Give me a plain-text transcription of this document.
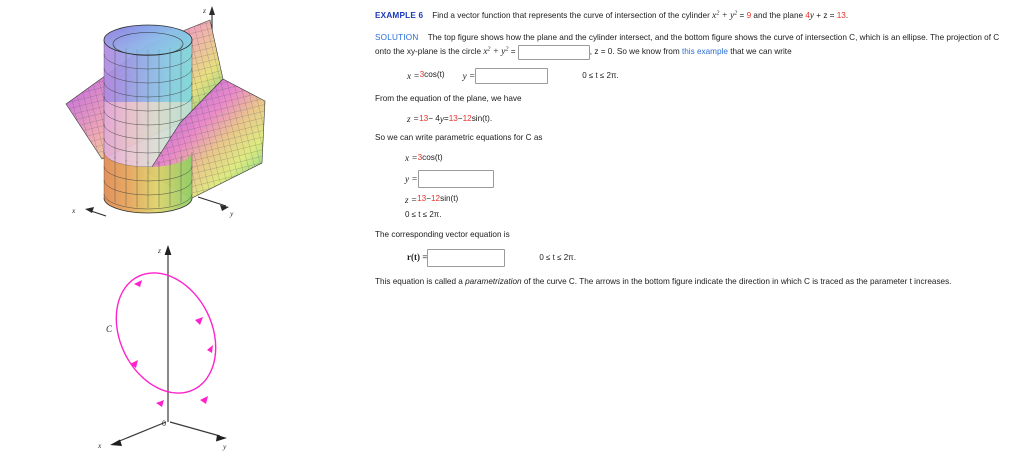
z
x	y
z
x	y
0
C

EXAMPLE 6 Find a vector function that represents the curve of intersection of the cylinder $x^2 + y^2 = 9$ and the plane 4y + z = 13.

SOLUTION The top figure shows how the plane and the cylinder intersect, and the bottom figure shows the curve of intersection C, which is an ellipse. The projection of C onto the xy-plane is the circle $x^2 + y^2$ =	, z = 0. So we know from this example that we can write

x = 3 cos(t) y =	0 ≤ t ≤ 2π.

From the equation of the plane, we have

z = 13 − 4 y = 13 − 12 sin(t).

So we can write parametric equations for C as

x = 3 cos(t)
y =
z = 13 − 12 sin(t)
0 ≤ t ≤ 2π.

The corresponding vector equation is

r(t) =	0 ≤ t ≤ 2π.

This equation is called a parametrization of the curve C. The arrows in the bottom figure indicate the direction in which C is traced as the parameter t increases.
